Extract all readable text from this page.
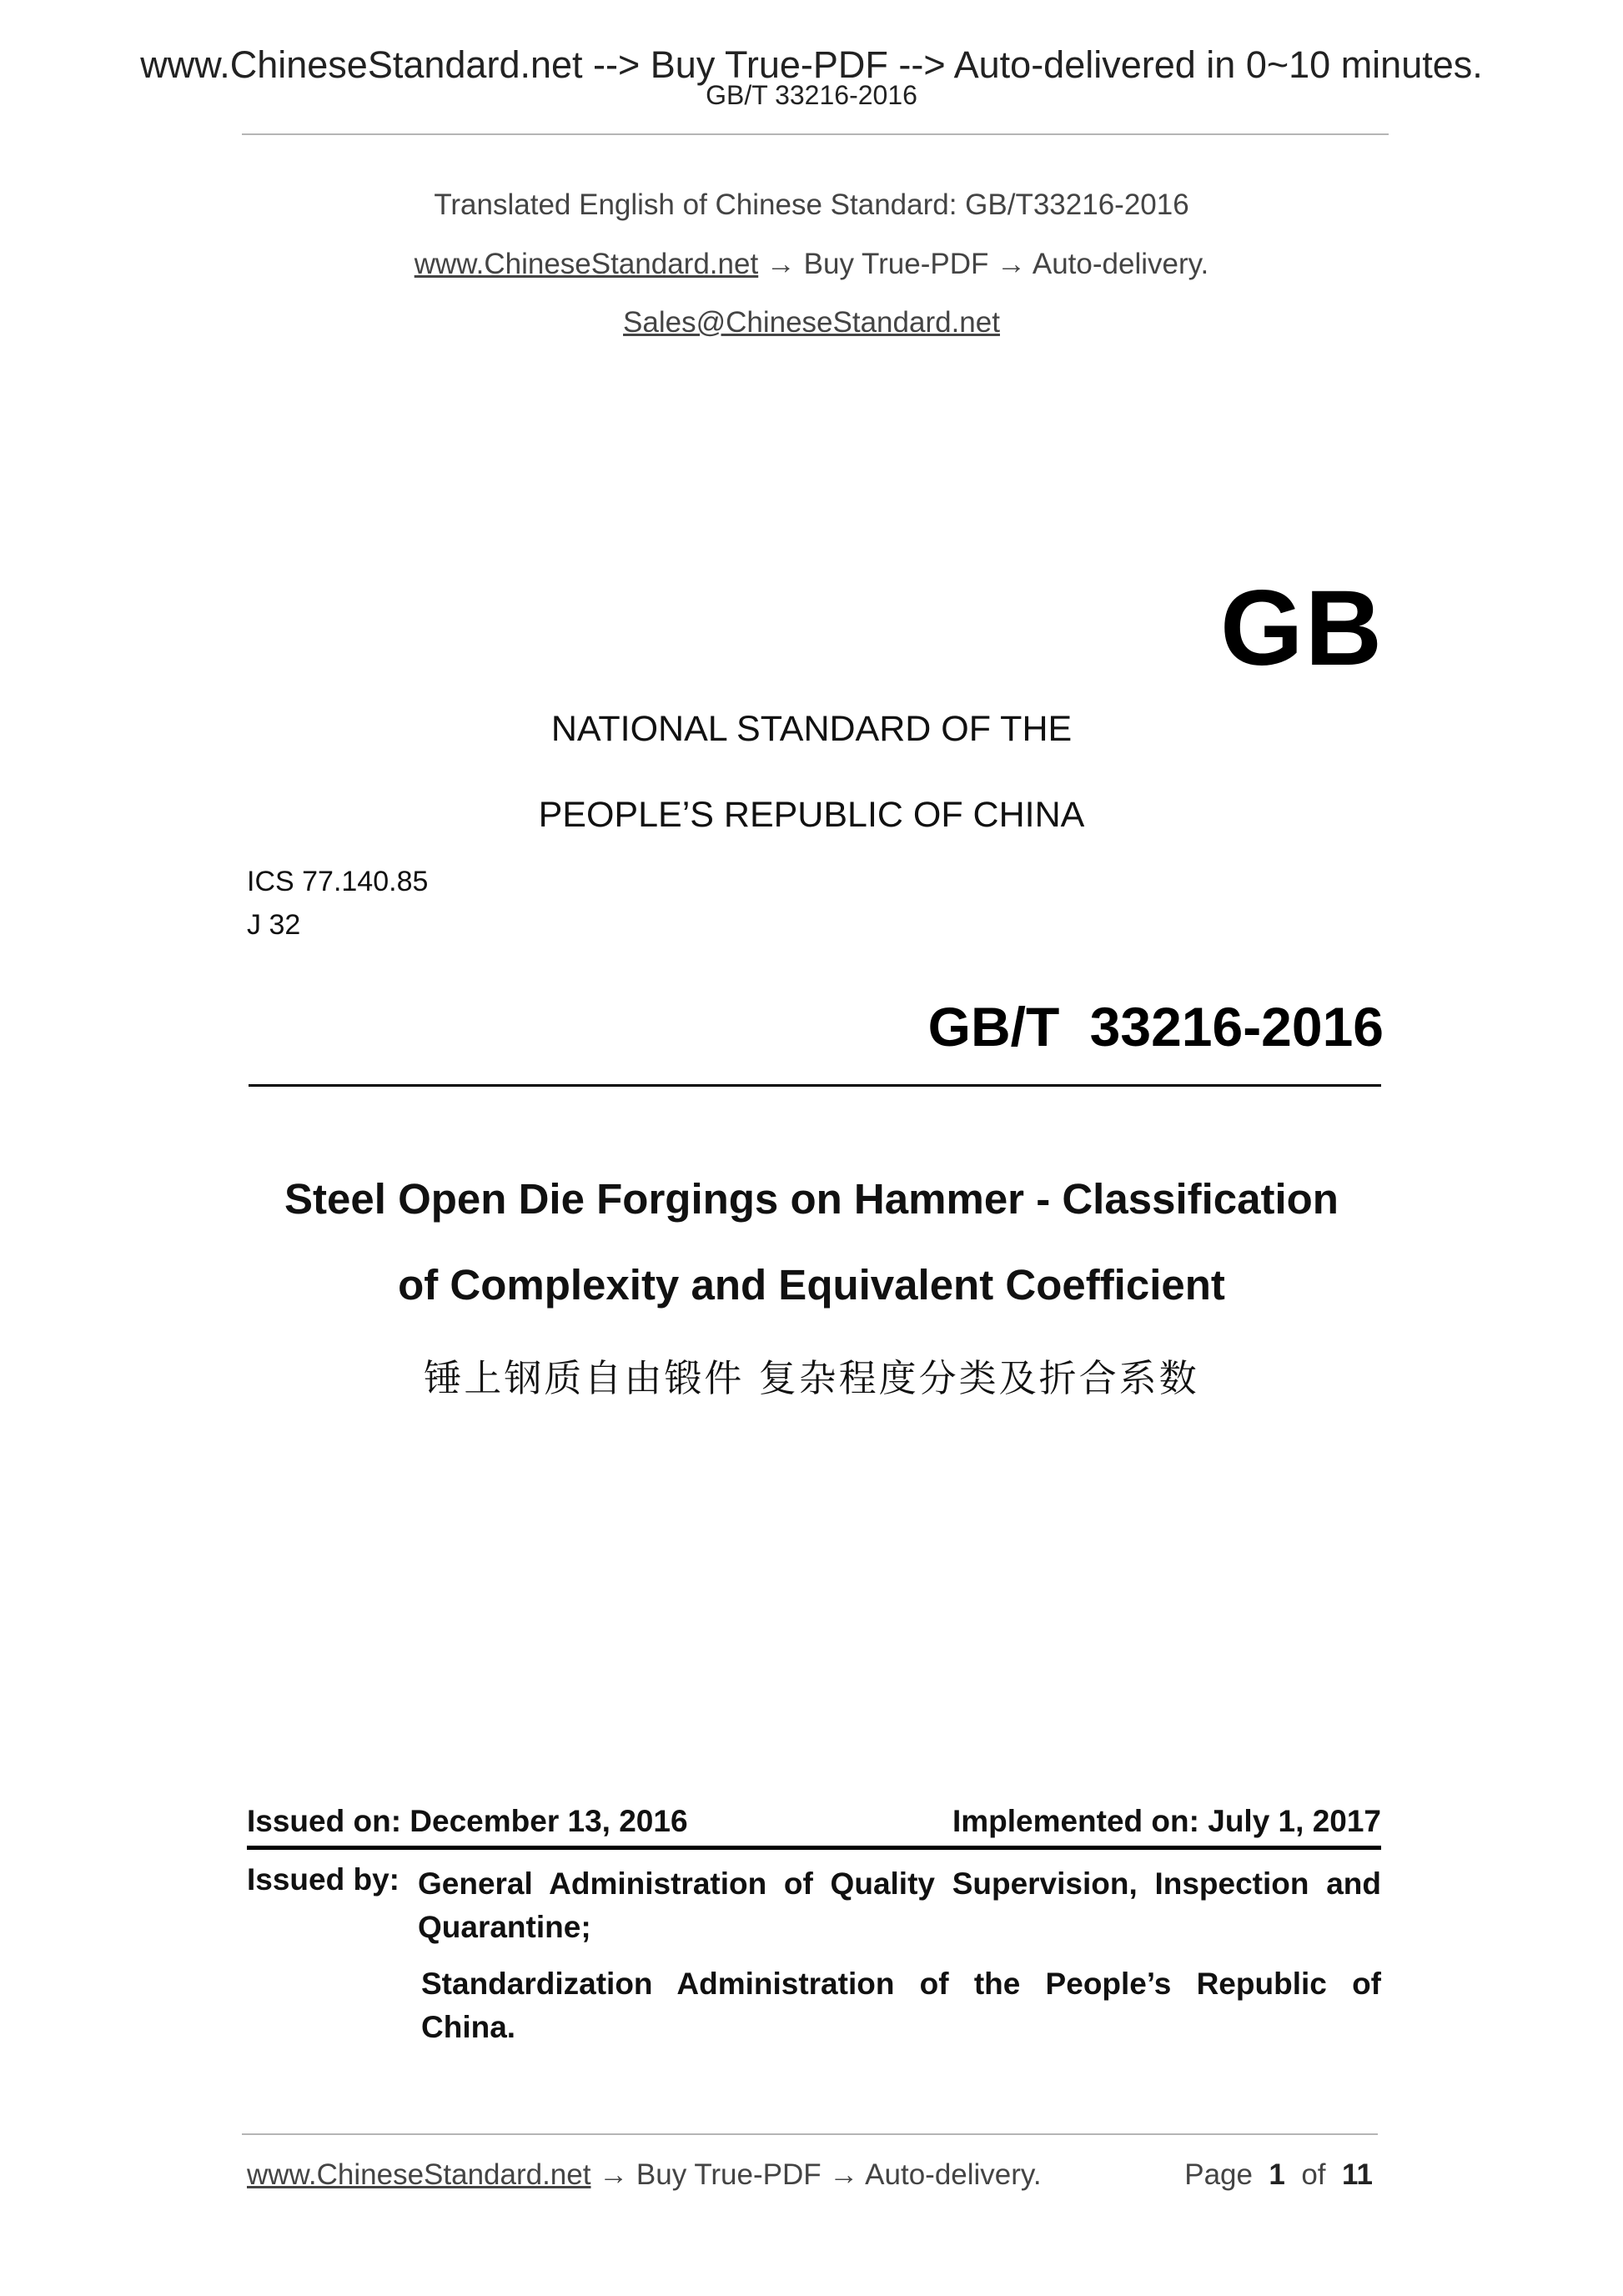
www.ChineseStandard.net --> Buy True-PDF --> Auto-delivered in 0~10 minutes.
GB/T 33216-2016
Translated English of Chinese Standard: GB/T33216-2016
www.ChineseStandard.net → Buy True-PDF → Auto-delivery.
Sales@ChineseStandard.net
GB
NATIONAL STANDARD OF THE
PEOPLE’S REPUBLIC OF CHINA
ICS 77.140.85
J 32
GB/T 33216-2016
Steel Open Die Forgings on Hammer - Classification
of Complexity and Equivalent Coefficient
锤上钢质自由锻件 复杂程度分类及折合系数
Issued on: December 13, 2016	Implemented on: July 1, 2017
Issued by: General Administration of Quality Supervision, Inspection and Quarantine;
Standardization Administration of the People’s Republic of China.
www.ChineseStandard.net → Buy True-PDF → Auto-delivery.	Page 1 of 11
